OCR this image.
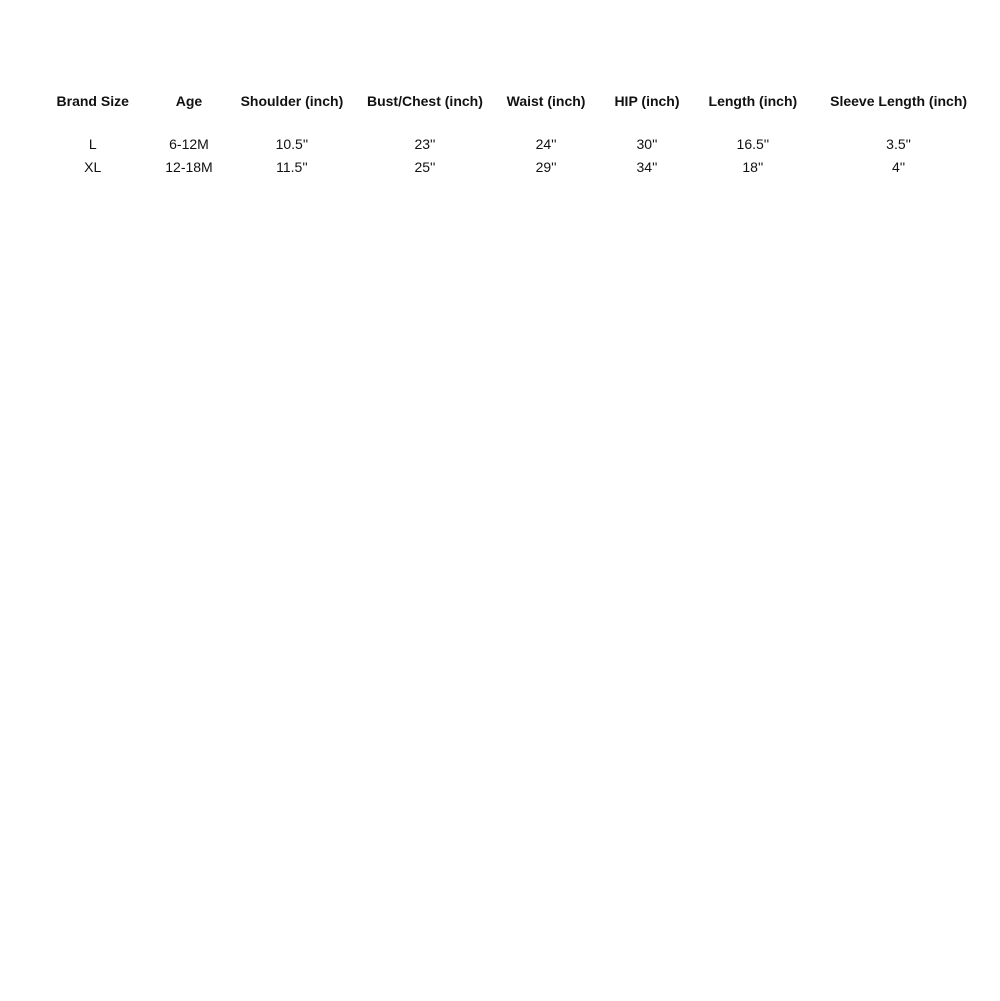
Brand Size	Age	Shoulder (inch)	Bust/Chest (inch)	Waist (inch)	HIP (inch)	Length (inch)	Sleeve Length (inch)

L	6-12M	10.5''	23''	24''	30''	16.5''	3.5''
XL	12-18M	11.5''	25''	29''	34''	18''	4''
